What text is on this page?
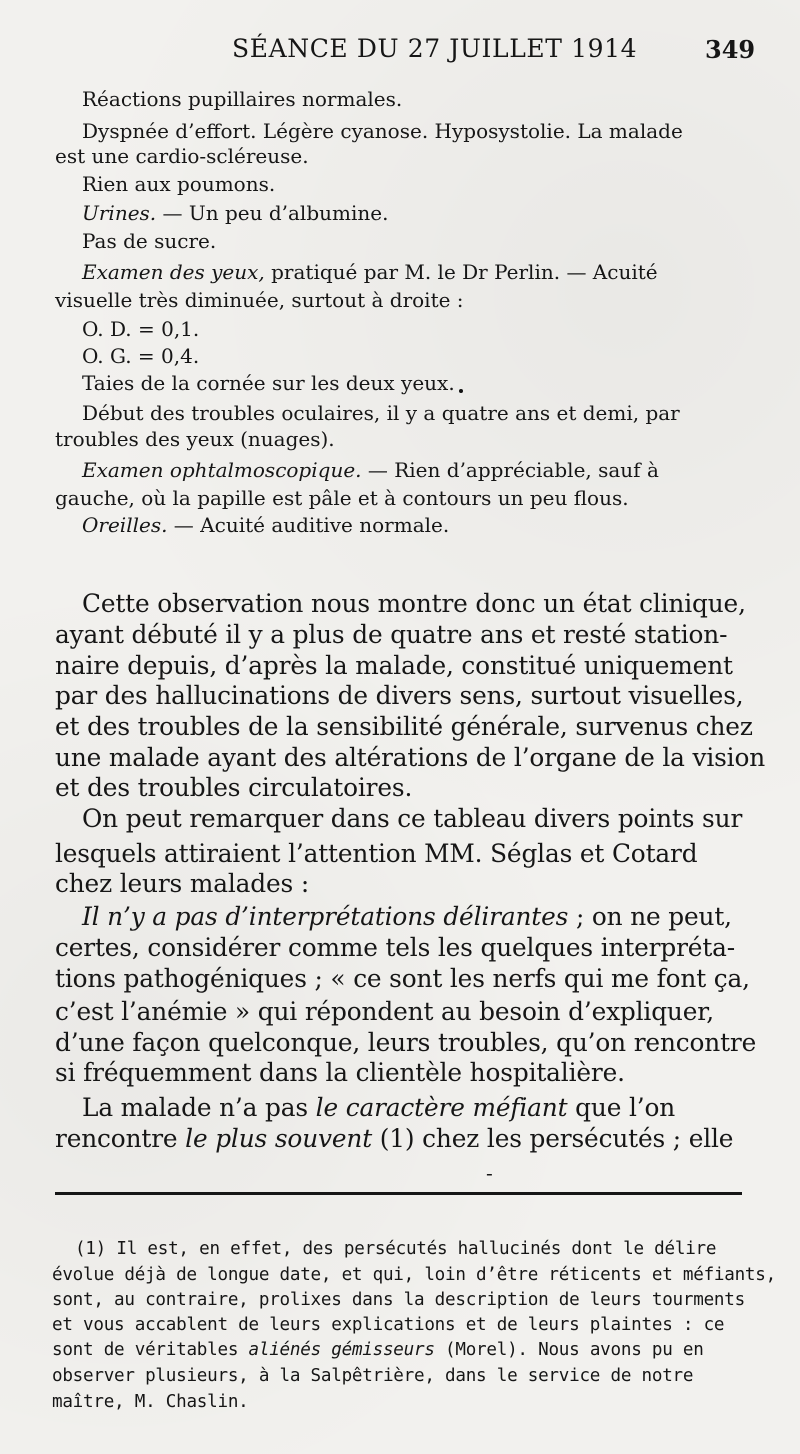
SÉANCE DU 27 JUILLET 1914	349
Réactions pupillaires normales.
Dyspnée d’effort. Légère cyanose. Hyposystolie. La malade
est une cardio-scléreuse.
Rien aux poumons.
Urines. — Un peu d’albumine.
Pas de sucre.
Examen des yeux, pratiqué par M. le Dr Perlin. — Acuité
visuelle très diminuée, surtout à droite :
O. D. = 0,1.
O. G. = 0,4.
Taies de la cornée sur les deux yeux.
Début des troubles oculaires, il y a quatre ans et demi, par
troubles des yeux (nuages).
Examen ophtalmoscopique. — Rien d’appréciable, sauf à
gauche, où la papille est pâle et à contours un peu flous.
Oreilles. — Acuité auditive normale.
Cette observation nous montre donc un état clinique,
ayant débuté il y a plus de quatre ans et resté station-
naire depuis, d’après la malade, constitué uniquement
par des hallucinations de divers sens, surtout visuelles,
et des troubles de la sensibilité générale, survenus chez
une malade ayant des altérations de l’organe de la vision
et des troubles circulatoires.
On peut remarquer dans ce tableau divers points sur
lesquels attiraient l’attention MM. Séglas et Cotard
chez leurs malades :
Il n’y a pas d’interprétations délirantes ; on ne peut,
certes, considérer comme tels les quelques interpréta-
tions pathogéniques ; « ce sont les nerfs qui me font ça,
c’est l’anémie » qui répondent au besoin d’expliquer,
d’une façon quelconque, leurs troubles, qu’on rencontre
si fréquemment dans la clientèle hospitalière.
La malade n’a pas le caractère méfiant que l’on
rencontre le plus souvent (1) chez les persécutés ; elle
-
(1) Il est, en effet, des persécutés hallucinés dont le délire
évolue déjà de longue date, et qui, loin d’être réticents et méfiants,
sont, au contraire, prolixes dans la description de leurs tourments
et vous accablent de leurs explications et de leurs plaintes : ce
sont de véritables aliénés gémisseurs (Morel). Nous avons pu en
observer plusieurs, à la Salpêtrière, dans le service de notre
maître, M. Chaslin.
